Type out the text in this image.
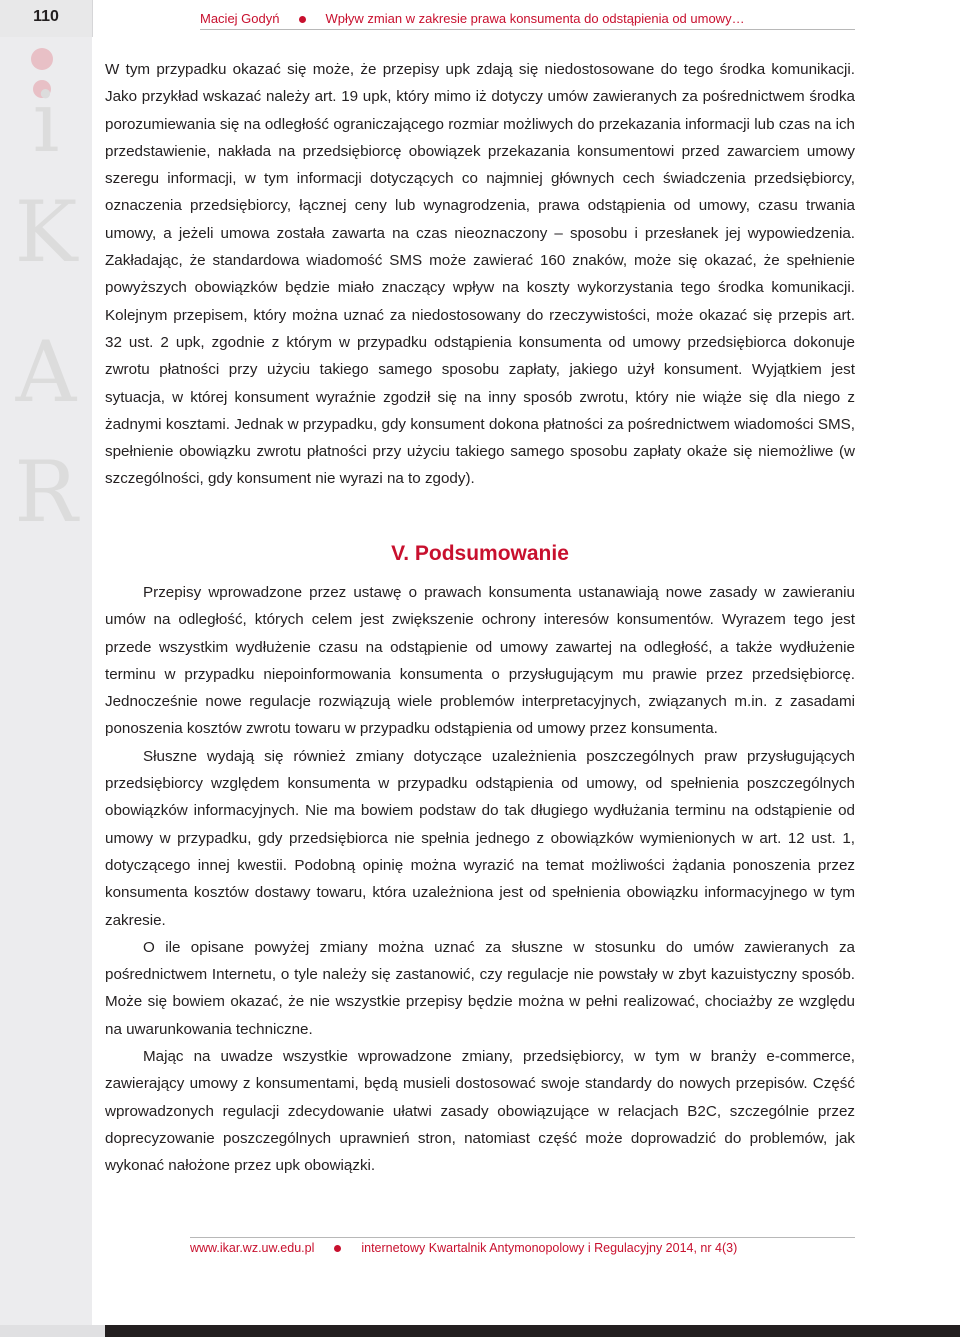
110	Maciej Godyń	Wpływ zmian w zakresie prawa konsumenta do odstąpienia od umowy…
i
K
A
R

W tym przypadku okazać się może, że przepisy upk zdają się niedostosowane do tego środka komunikacji. Jako przykład wskazać należy art. 19 upk, który mimo iż dotyczy umów zawieranych za pośrednictwem środka porozumiewania się na odległość ograniczającego rozmiar możliwych do przekazania informacji lub czas na ich przedstawienie, nakłada na przedsiębiorcę obowiązek przekazania konsumentowi przed zawarciem umowy szeregu informacji, w tym informacji dotyczących co najmniej głównych cech świadczenia przedsiębiorcy, oznaczenia przedsiębiorcy, łącznej ceny lub wynagrodzenia, prawa odstąpienia od umowy, czasu trwania umowy, a jeżeli umowa została zawarta na czas nieoznaczony – sposobu i przesłanek jej wypowiedzenia. Zakładając, że standardowa wiadomość SMS może zawierać 160 znaków, może się okazać, że spełnienie powyższych obowiązków będzie miało znaczący wpływ na koszty wykorzystania tego środka komunikacji. Kolejnym przepisem, który można uznać za niedostosowany do rzeczywistości, może okazać się przepis art. 32 ust. 2 upk, zgodnie z którym w przypadku odstąpienia konsumenta od umowy przedsiębiorca dokonuje zwrotu płatności przy użyciu takiego samego sposobu zapłaty, jakiego użył konsument. Wyjątkiem jest sytuacja, w której konsument wyraźnie zgodził się na inny sposób zwrotu, który nie wiąże się dla niego z żadnymi kosztami. Jednak w przypadku, gdy konsument dokona płatności za pośrednictwem wiadomości SMS, spełnienie obowiązku zwrotu płatności przy użyciu takiego samego sposobu zapłaty okaże się niemożliwe (w szczególności, gdy konsument nie wyrazi na to zgody).

V. Podsumowanie

Przepisy wprowadzone przez ustawę o prawach konsumenta ustanawiają nowe zasady w zawieraniu umów na odległość, których celem jest zwiększenie ochrony interesów konsumentów. Wyrazem tego jest przede wszystkim wydłużenie czasu na odstąpienie od umowy zawartej na odległość, a także wydłużenie terminu w przypadku niepoinformowania konsumenta o przysługującym mu prawie przez przedsiębiorcę. Jednocześnie nowe regulacje rozwiązują wiele problemów interpretacyjnych, związanych m.in. z zasadami ponoszenia kosztów zwrotu towaru w przypadku odstąpienia od umowy przez konsumenta.

Słuszne wydają się również zmiany dotyczące uzależnienia poszczególnych praw przysługujących przedsiębiorcy względem konsumenta w przypadku odstąpienia od umowy, od spełnienia poszczególnych obowiązków informacyjnych. Nie ma bowiem podstaw do tak długiego wydłużania terminu na odstąpienie od umowy w przypadku, gdy przedsiębiorca nie spełnia jednego z obowiązków wymienionych w art. 12 ust. 1, dotyczącego innej kwestii. Podobną opinię można wyrazić na temat możliwości żądania ponoszenia przez konsumenta kosztów dostawy towaru, która uzależniona jest od spełnienia obowiązku informacyjnego w tym zakresie.

O ile opisane powyżej zmiany można uznać za słuszne w stosunku do umów zawieranych za pośrednictwem Internetu, o tyle należy się zastanowić, czy regulacje nie powstały w zbyt kazuistyczny sposób. Może się bowiem okazać, że nie wszystkie przepisy będzie można w pełni realizować, chociażby ze względu na uwarunkowania techniczne.

Mając na uwadze wszystkie wprowadzone zmiany, przedsiębiorcy, w tym w branży e-commerce, zawierający umowy z konsumentami, będą musieli dostosować swoje standardy do nowych przepisów. Część wprowadzonych regulacji zdecydowanie ułatwi zasady obowiązujące w relacjach B2C, szczególnie przez doprecyzowanie poszczególnych uprawnień stron, natomiast część może doprowadzić do problemów, jak wykonać nałożone przez upk obowiązki.

www.ikar.wz.uw.edu.pl	internetowy Kwartalnik Antymonopolowy i Regulacyjny 2014, nr 4(3)
